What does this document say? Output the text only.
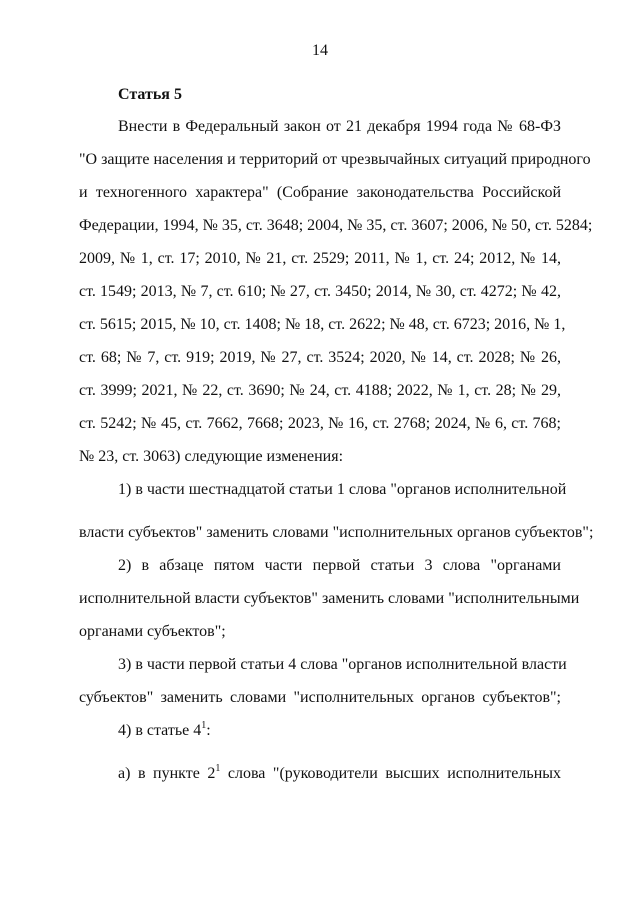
14
Статья 5
Внести в Федеральный закон от 21 декабря 1994 года № 68-ФЗ
"О защите населения и территорий от чрезвычайных ситуаций природного
и техногенного характера" (Собрание законодательства Российской
Федерации, 1994, № 35, ст. 3648; 2004, № 35, ст. 3607; 2006, № 50, ст. 5284;
2009, № 1, ст. 17; 2010, № 21, ст. 2529; 2011, № 1, ст. 24; 2012, № 14,
ст. 1549; 2013, № 7, ст. 610; № 27, ст. 3450; 2014, № 30, ст. 4272; № 42,
ст. 5615; 2015, № 10, ст. 1408; № 18, ст. 2622; № 48, ст. 6723; 2016, № 1,
ст. 68; № 7, ст. 919; 2019, № 27, ст. 3524; 2020, № 14, ст. 2028; № 26,
ст. 3999; 2021, № 22, ст. 3690; № 24, ст. 4188; 2022, № 1, ст. 28; № 29,
ст. 5242; № 45, ст. 7662, 7668; 2023, № 16, ст. 2768; 2024, № 6, ст. 768;
№ 23, ст. 3063) следующие изменения:
1) в части шестнадцатой статьи 1 слова "органов исполнительной
власти субъектов" заменить словами "исполнительных органов субъектов";
2) в абзаце пятом части первой статьи 3 слова "органами
исполнительной власти субъектов" заменить словами "исполнительными
органами субъектов";
3) в части первой статьи 4 слова "органов исполнительной власти
субъектов" заменить словами "исполнительных органов субъектов";
4) в статье $4^1$:
а) в пункте $2^1$ слова "(руководители высших исполнительных
